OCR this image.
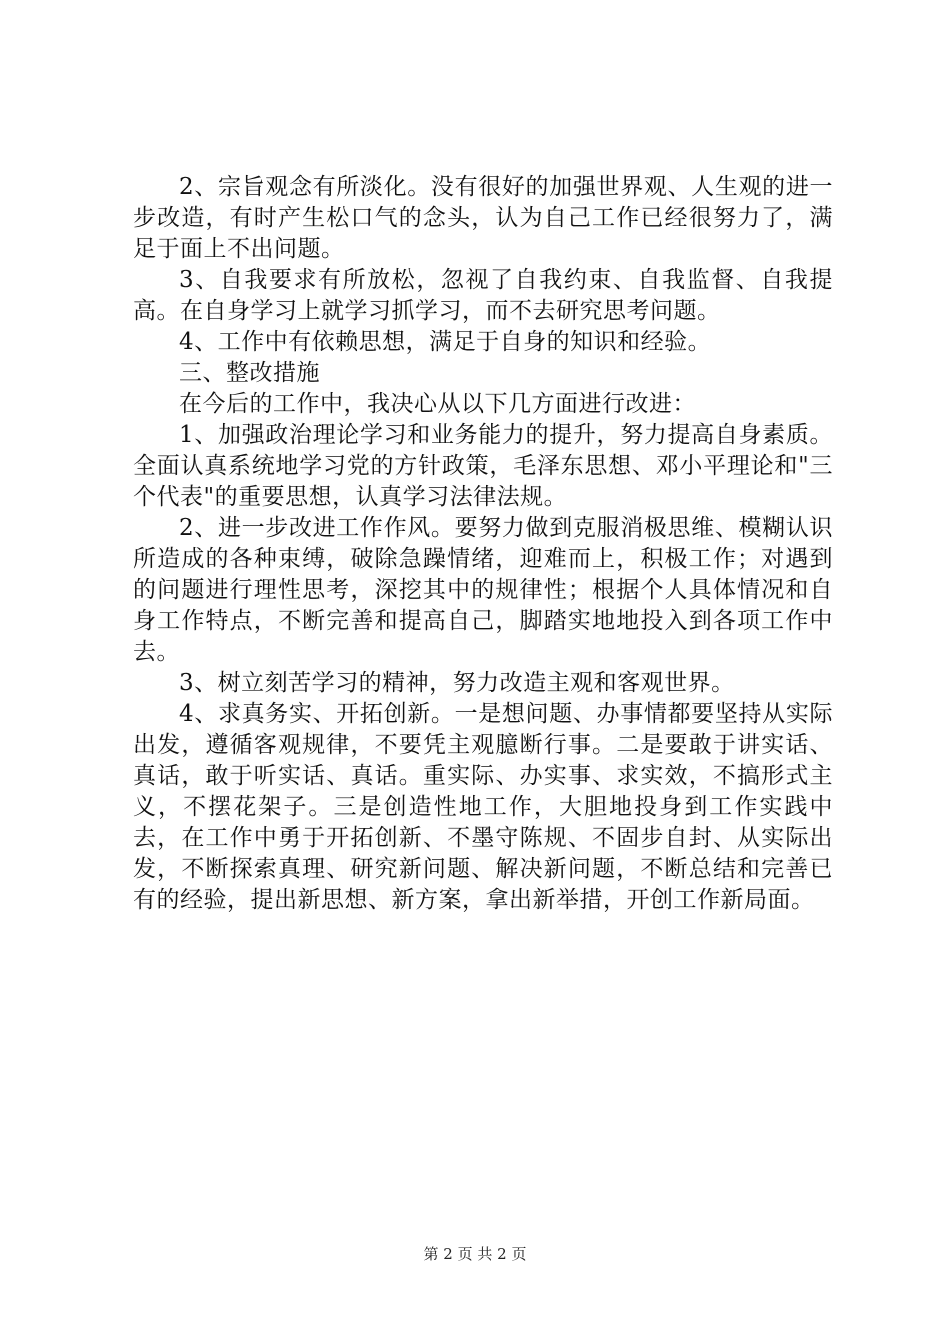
2、宗旨观念有所淡化。没有很好的加强世界观、人生观的进一步改造，有时产生松口气的念头，认为自己工作已经很努力了，满足于面上不出问题。

3、自我要求有所放松，忽视了自我约束、自我监督、自我提高。在自身学习上就学习抓学习，而不去研究思考问题。

4、工作中有依赖思想，满足于自身的知识和经验。

三、整改措施

在今后的工作中，我决心从以下几方面进行改进：

1、加强政治理论学习和业务能力的提升，努力提高自身素质。全面认真系统地学习党的方针政策，毛泽东思想、邓小平理论和"三个代表"的重要思想，认真学习法律法规。

2、进一步改进工作作风。要努力做到克服消极思维、模糊认识所造成的各种束缚，破除急躁情绪，迎难而上，积极工作；对遇到的问题进行理性思考，深挖其中的规律性；根据个人具体情况和自身工作特点，不断完善和提高自己，脚踏实地地投入到各项工作中去。

3、树立刻苦学习的精神，努力改造主观和客观世界。

4、求真务实、开拓创新。一是想问题、办事情都要坚持从实际出发，遵循客观规律，不要凭主观臆断行事。二是要敢于讲实话、真话，敢于听实话、真话。重实际、办实事、求实效，不搞形式主义，不摆花架子。三是创造性地工作，大胆地投身到工作实践中去，在工作中勇于开拓创新、不墨守陈规、不固步自封、从实际出发，不断探索真理、研究新问题、解决新问题，不断总结和完善已有的经验，提出新思想、新方案，拿出新举措，开创工作新局面。

第 2 页 共 2 页
